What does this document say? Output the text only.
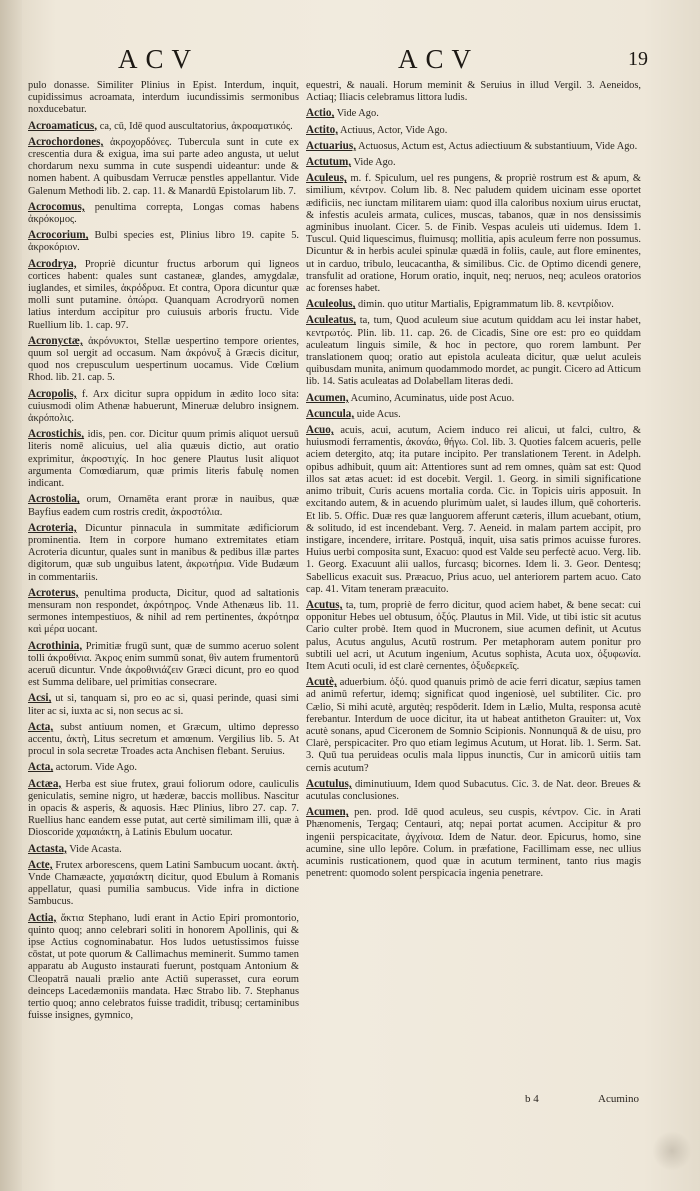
ACV	ACV	19

pulo donasse. Similiter Plinius in Epist. Interdum, inquit, cupidissimus acroamata, interdum iucundissimis sermonibus noxducebatur.

Acroamaticus, ca, cū, Idē quod auscultatorius, ἀκροαματικός.

Acrochordones, ἀκροχορδόνες. Tubercula sunt in cute ex crescentia dura & exigua, ima sui parte adeo angusta, ut uelut chordarum nexu summa in cute suspendi uideantur: unde & nomen habent. A quibusdam Verrucæ penstles appellantur. Vide Galenum Methodi lib. 2. cap. 11. & Manardū Epistolarum lib. 7.

Acrocomus, penultima correpta, Longas comas habens ἀκρόκομος.

Acrocorium, Bulbi species est, Plinius libro 19. capite 5. ἀκροκόριον.

Acrodrya, Propriè dicuntur fructus arborum qui ligneos cortices habent: quales sunt castaneæ, glandes, amygdalæ, iuglandes, et similes, ἀκρόδρυα. Et contra, Opora dicuntur quæ molli sunt putamine. ὀπώρα. Quanquam Acrodryorū nomen latius interdum accipitur pro cuiusuis arboris fructu. Vide Ruellium lib. 1. cap. 97.

Acronyctæ, ἀκρόνυκτοι, Stellæ uespertino tempore orientes, quum sol uergit ad occasum. Nam ἀκρόνυξ à Græcis dicitur, quod nos crepusculum uespertinum uocamus. Vide Cœlium Rhod. lib. 21. cap. 5.

Acropolis, f. Arx dicitur supra oppidum in ædito loco sita: cuiusmodi olim Athenæ habuerunt, Mineruæ delubro insignem. ἀκρόπολις.

Acrostichis, idis, pen. cor. Dicitur quum primis aliquot uersuū literis nomē alicuius, uel alia quæuis dictio, aut oratio exprimitur, ἀκροστιχίς. In hoc genere Plautus lusit aliquot argumenta Comœdiarum, quæ primis literis fabulę nomen indicant.

Acrostolia, orum, Ornamēta erant proræ in nauibus, quæ Bayfius eadem cum rostris credit, ἀκροστόλια.

Acroteria, Dicuntur pinnacula in summitate ædificiorum prominentia. Item in corpore humano extremitates etiam Acroteria dicuntur, quales sunt in manibus & pedibus illæ partes digitorum, quæ sub unguibus latent, ἀκρωτήρια. Vide Budæum in commentariis.

Acroterus, penultima producta, Dicitur, quod ad saltationis mensuram non respondet, ἀκρότηρος. Vnde Athenæus lib. 11. sermones intempestiuos, & nihil ad rem pertinentes, ἀκρότηρα καὶ μέρα uocant.

Acrothinia, Primitiæ frugū sunt, quæ de summo aceruo solent tolli ἀκροθίνια. Ἀκρος enim summū sonat, θὶν autem frumentorū aceruū dicuntur. Vnde ἀκροθινιάζειν Græci dicunt, pro eo quod est Summa delibare, uel primitias consecrare.

Acsi, ut si, tanquam si, pro eo ac si, quasi perinde, quasi simi liter ac si, iuxta ac si, non secus ac si.

Acta, subst antiuum nomen, et Græcum, ultimo depresso accentu, ἀκτὴ, Litus secretum et amœnum. Vergilius lib. 5. At procul in sola secretæ Troades acta Anchisen flebant. Seruius.

Acta, actorum. Vide Ago.

Actæa, Herba est siue frutex, graui foliorum odore, cauliculis geniculatis, semine nigro, ut hæderæ, baccis mollibus. Nascitur in opacis & asperis, & aquosis. Hæc Plinius, libro 27. cap. 7. Ruellius hanc eandem esse putat, aut certè similimam illi, quæ à Dioscoride χαμαιάκτη, à Latinis Ebulum uocatur.

Actasta, Vide Acasta.

Acte, Frutex arborescens, quem Latini Sambucum uocant. ἀκτὴ. Vnde Chamæacte, χαμαιάκτη dicitur, quod Ebulum à Romanis appellatur, quasi pumilia sambucus. Vide infra in dictione Sambucus.

Actia, ἄκτια Stephano, ludi erant in Actio Epiri promontorio, quinto quoq; anno celebrari soliti in honorem Apollinis, qui & ipse Actius cognominabatur. Hos ludos uetustissimos fuisse cōstat, ut pote quorum & Callimachus meminerit. Summo tamen apparatu ab Augusto instaurati fuerunt, postquam Antonium & Cleopatrā nauali prælio ante Actiū superasset, cura eorum deinceps Lacedæmoniis mandata. Hæc Strabo lib. 7. Stephanus tertio quoq; anno celebratos fuisse tradidit, tribusq; certaminibus fuisse insignes, gymnico,

equestri, & nauali. Horum meminit & Seruius in illud Vergil. 3. Aeneidos, Actiaq; Iliacis celebramus littora ludis.

Actio, Vide Ago.

Actito, Actiuus, Actor, Vide Ago.

Actuarius, Actuosus, Actum est, Actus adiectiuum & substantiuum, Vide Ago.

Actutum, Vide Ago.

Aculeus, m. f. Spiculum, uel res pungens, & propriè rostrum est & apum, & similium, κέντρον. Colum lib. 8. Nec paludem quidem uicinam esse oportet ædificiis, nec iunctam militarem uiam: quod illa caloribus noxium uirus eructat, & infestis aculeis armata, culices, muscas, tabanos, quæ in nos densissimis agminibus inuolant. Cicer. 5. de Finib. Vespas aculeis uti uidemus. Idem 1. Tuscul. Quid liquescimus, fluimusq; mollitia, apis aculeum ferre non possumus. Dicuntur & in herbis aculei spinulæ quædā in foliis, caule, aut flore eminentes, ut in carduo, tribulo, leucacantha, & similibus. Cic. de Optimo dicendi genere, transfulit ad oratione, Horum oratio, inquit, neq; neruos, neq; aculeos oratorios ac forenses habet.

Aculeolus, dimin. quo utitur Martialis, Epigrammatum lib. 8. κεντρίδιον.

Aculeatus, ta, tum, Quod aculeum siue acutum quiddam acu lei instar habet, κεντρωτός. Plin. lib. 11. cap. 26. de Cicadis, Sine ore est: pro eo quiddam aculeatum linguis simile, & hoc in pectore, quo rorem lambunt. Per translationem quoq; oratio aut epistola aculeata dicitur, quæ uelut aculeis quibusdam munita, animum quodammodo mordet, ac pungit. Cicero ad Atticum lib. 14. Satis aculeatas ad Dolabellam literas dedi.

Acumen, Acumino, Acuminatus, uide post Acuo.

Acuncula, uide Acus.

Acuo, acuis, acui, acutum, Aciem induco rei alicui, ut falci, cultro, & huiusmodi ferramentis, ἀκονάω, θήγω. Col. lib. 3. Quoties falcem acueris, pelle aciem detergito, atq; ita putare incipito. Per translationem Terent. in Adelph. opibus adhibuit, quum ait: Attentiores sunt ad rem omnes, quàm sat est: Quod illos sat ætas acuet: id est docebit. Vergil. 1. Georg. in simili significatione animo tribuit, Curis acuens mortalia corda. Cic. in Topicis uiris apposuit. In excitando autem, & in acuendo plurimùm ualet, si laudes illum, quē cohorteris. Et lib. 5. Offic. Duæ res quæ languorem afferunt cæteris, illum acuebant, otium, & solitudo, id est incendebant. Verg. 7. Aeneid. in malam partem accipit, pro instigare, incendere, irritare. Postquā, inquit, uisa satis primos acuisse furores. Huius uerbi composita sunt, Exacuo: quod est Valde seu perfectè acuo. Verg. lib. 1. Georg. Exacuunt alii uallos, furcasq; bicornes. Idem li. 3. Geor. Dentesq; Sabellicus exacuit sus. Præacuo, Prius acuo, uel anteriorem partem acuo. Cato cap. 41. Vitam teneram præacuito.

Acutus, ta, tum, propriè de ferro dicitur, quod aciem habet, & bene secat: cui opponitur Hebes uel obtusum, ὀξύς. Plautus in Mil. Vide, ut tibi istic sit acutus Cario culter probè. Item quod in Mucronem, siue acumen definit, ut Acutus palus, Acutus angulus, Acutū rostrum. Per metaphoram autem ponitur pro subtili uel acri, ut Acutum ingenium, Acutus sophista, Acuta uox, ὀξυφωνία. Item Acuti oculi, id est clarè cernentes, ὀξυδερκεῖς.

Acutè, aduerbium. ὀξύ. quod quanuis primò de acie ferri dicatur, sæpius tamen ad animū refertur, idemq; significat quod ingeniosè, uel subtiliter. Cic. pro Cælio, Si mihi acutè, argutèq; respōderit. Idem in Lælio, Multa, responsa acutè ferebantur. Interdum de uoce dicitur, ita ut habeat antitheton Grauiter: ut, Vox acutè sonans, apud Ciceronem de Somnio Scipionis. Nonnunquā & de uisu, pro Clarè, perspicaciter. Pro quo etiam legimus Acutum, ut Horat. lib. 1. Serm. Sat. 3. Quū tua peruideas oculis mala lippus inunctis, Cur in amicorū uitiis tam cernis acutum?

Acutulus, diminutiuum, Idem quod Subacutus. Cic. 3. de Nat. deor. Breues & acutulas conclusiones.

Acumen, pen. prod. Idē quod aculeus, seu cuspis, κέντρον. Cic. in Arati Phænomenis, Tergaq; Centauri, atq; nepai portat acumen. Accipitur & pro ingenii perspicacitate, ἀγχίνοια. Idem de Natur. deor. Epicurus, homo, sine acumine, sine ullo lepôre. Colum. in præfatione, Facillimam esse, nec ullius acuminis rusticationem, quod quæ in acutum terminent, tanto rius magis penetrent: quomodo solent perspicacia ingenia penetrare.

b 4	Acumino
